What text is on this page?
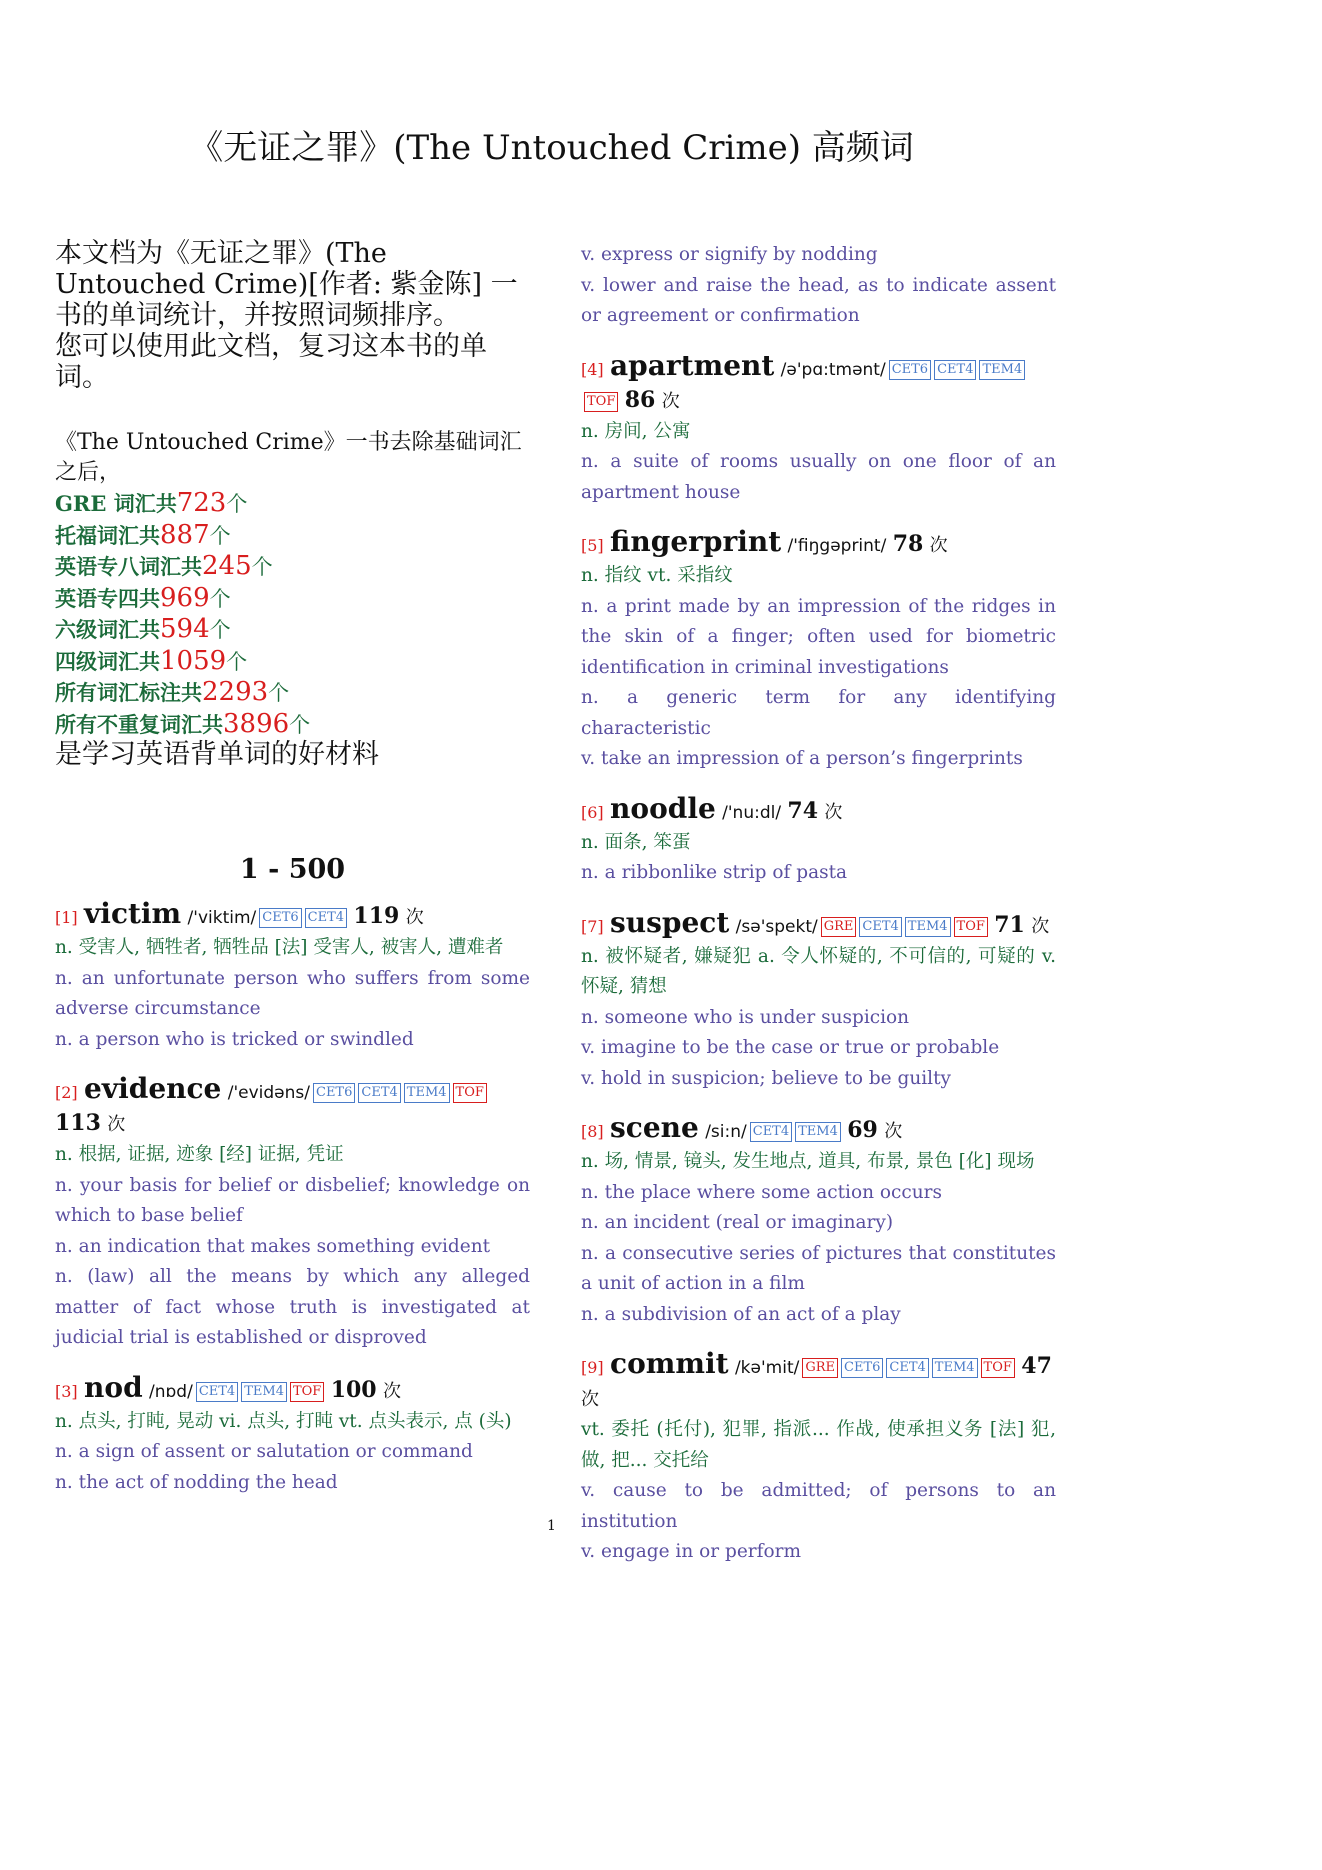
《无证之罪》(The Untouched Crime) 高频词

本文档为《无证之罪》(The Untouched Crime)[作者: 紫金陈] 一书的单词统计，并按照词频排序。
您可以使用此文档，复习这本书的单词。

《The Untouched Crime》一书去除基础词汇之后，
GRE 词汇共723个
托福词汇共887个
英语专八词汇共245个
英语专四共969个
六级词汇共594个
四级词汇共1059个
所有词汇标注共2293个
所有不重复词汇共3896个
是学习英语背单词的好材料
1 - 500
[1] victim /'viktim/ CET6 CET4 119 次
n. 受害人, 牺牲者, 牺牲品 [法] 受害人, 被害人, 遭难者
n. an unfortunate person who suffers from some adverse circumstance
n. a person who is tricked or swindled
[2] evidence /'evidəns/ CET6 CET4 TEM4 TOF 113 次
n. 根据, 证据, 迹象 [经] 证据, 凭证
n. your basis for belief or disbelief; knowledge on which to base belief
n. an indication that makes something evident
n. (law) all the means by which any alleged matter of fact whose truth is investigated at judicial trial is established or disproved
[3] nod /nɒd/ CET4 TEM4 TOF 100 次
n. 点头, 打盹, 晃动 vi. 点头, 打盹 vt. 点头表示, 点 (头)
n. a sign of assent or salutation or command
n. the act of nodding the head
v. express or signify by nodding
v. lower and raise the head, as to indicate assent or agreement or confirmation
[4] apartment /ə'pɑ:tmənt/ CET6 CET4 TEM4TOF 86 次
n. 房间, 公寓
n. a suite of rooms usually on one floor of an apartment house
[5] fingerprint /'fiŋgəprint/ 78 次
n. 指纹 vt. 采指纹
n. a print made by an impression of the ridges in the skin of a finger; often used for biometric identification in criminal investigations
n. a generic term for any identifying characteristic
v. take an impression of a person’s fingerprints
[6] noodle /'nu:dl/ 74 次
n. 面条, 笨蛋
n. a ribbonlike strip of pasta
[7] suspect /sə'spekt/ GRE CET4 TEM4 TOF 71 次
n. 被怀疑者, 嫌疑犯 a. 令人怀疑的, 不可信的, 可疑的 v. 怀疑, 猜想
n. someone who is under suspicion
v. imagine to be the case or true or probable
v. hold in suspicion; believe to be guilty
[8] scene /si:n/ CET4 TEM4 69 次
n. 场, 情景, 镜头, 发生地点, 道具, 布景, 景色 [化] 现场
n. the place where some action occurs
n. an incident (real or imaginary)
n. a consecutive series of pictures that constitutes a unit of action in a film
n. a subdivision of an act of a play
[9] commit /kə'mit/ GRE CET6 CET4 TEM4 TOF 47 次
vt. 委托 (托付), 犯罪, 指派... 作战, 使承担义务 [法] 犯, 做, 把... 交托给
v. cause to be admitted; of persons to an institution
v. engage in or perform
1
